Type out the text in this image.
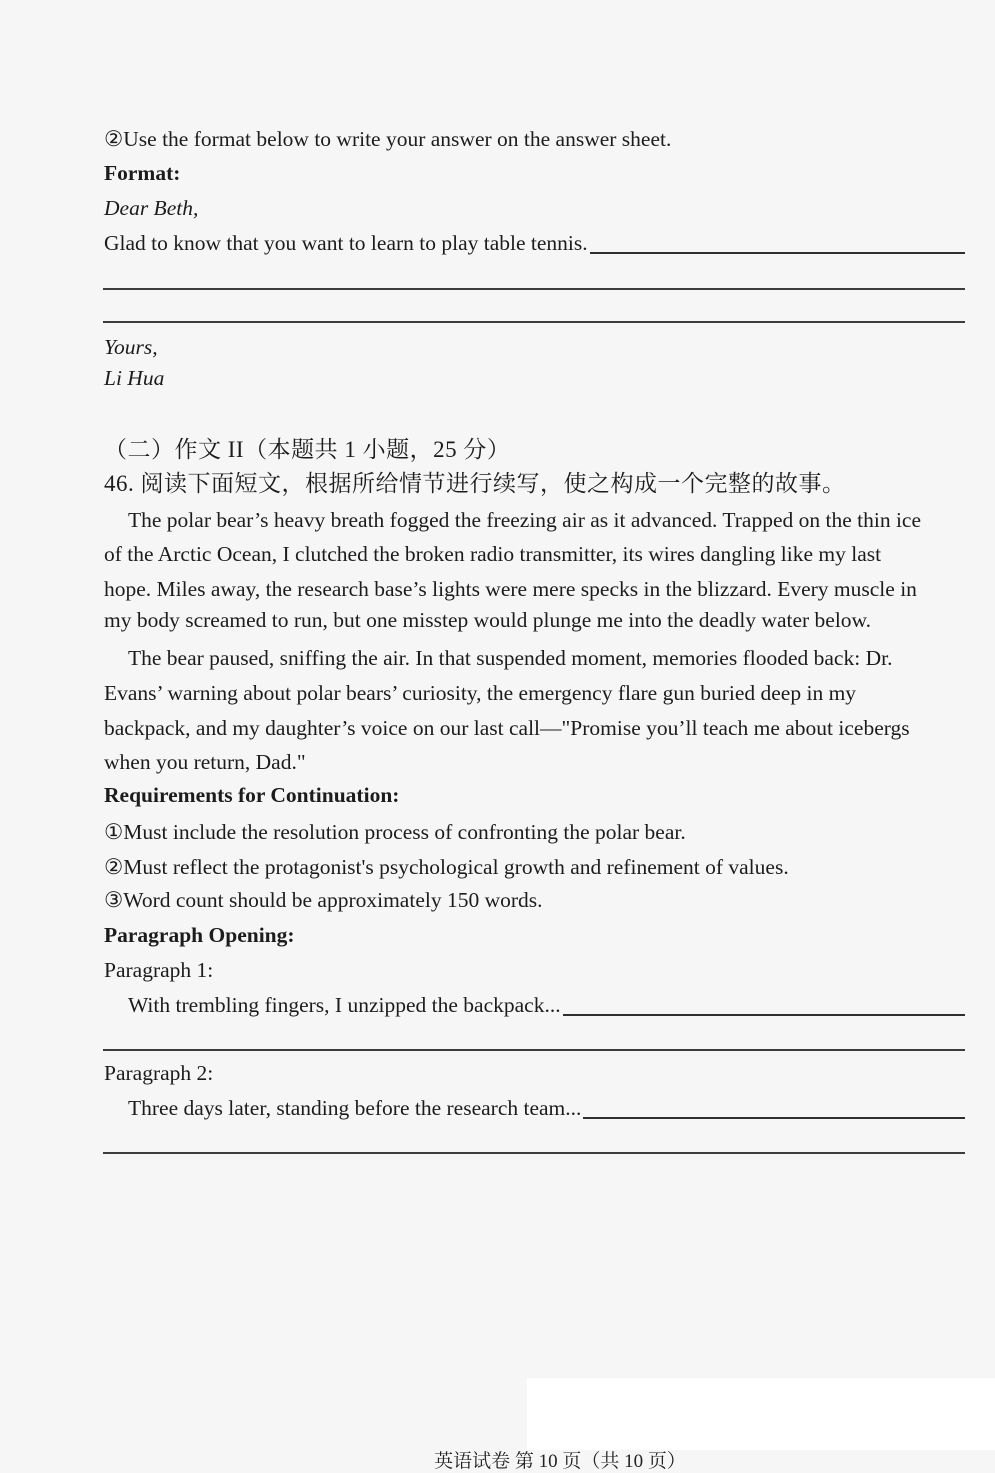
②Use the format below to write your answer on the answer sheet.
Format:
Dear Beth,
Glad to know that you want to learn to play table tennis.
Yours,
Li Hua
（二）作文 II（本题共 1 小题，25 分）
46. 阅读下面短文，根据所给情节进行续写，使之构成一个完整的故事。
The polar bear’s heavy breath fogged the freezing air as it advanced. Trapped on the thin ice
of the Arctic Ocean, I clutched the broken radio transmitter, its wires dangling like my last
hope. Miles away, the research base’s lights were mere specks in the blizzard. Every muscle in
my body screamed to run, but one misstep would plunge me into the deadly water below.
The bear paused, sniffing the air. In that suspended moment, memories flooded back: Dr.
Evans’ warning about polar bears’ curiosity, the emergency flare gun buried deep in my
backpack, and my daughter’s voice on our last call—"Promise you’ll teach me about icebergs
when you return, Dad."
Requirements for Continuation:
①Must include the resolution process of confronting the polar bear.
②Must reflect the protagonist's psychological growth and refinement of values.
③Word count should be approximately 150 words.
Paragraph Opening:
Paragraph 1:
With trembling fingers, I unzipped the backpack...
Paragraph 2:
Three days later, standing before the research team...
英语试卷 第 10 页（共 10 页）
